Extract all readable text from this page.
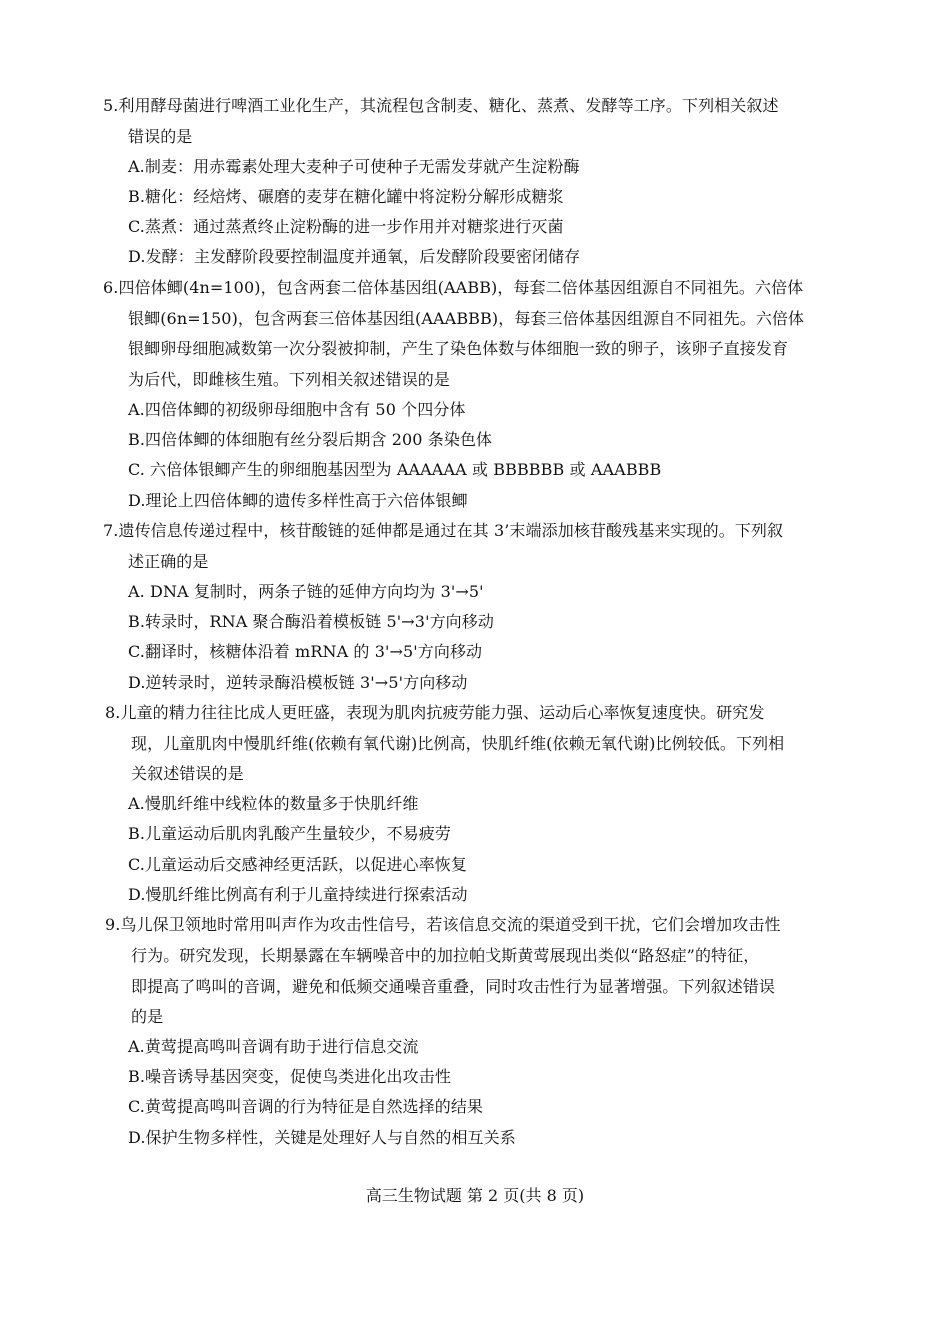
5.利用酵母菌进行啤酒工业化生产，其流程包含制麦、糖化、蒸煮、发酵等工序。下列相关叙述
错误的是
A.制麦：用赤霉素处理大麦种子可使种子无需发芽就产生淀粉酶
B.糖化：经焙烤、碾磨的麦芽在糖化罐中将淀粉分解形成糖浆
C.蒸煮：通过蒸煮终止淀粉酶的进一步作用并对糖浆进行灭菌
D.发酵：主发酵阶段要控制温度并通氧，后发酵阶段要密闭储存
6.四倍体鲫(4n=100)，包含两套二倍体基因组(AABB)，每套二倍体基因组源自不同祖先。六倍体
银鲫(6n=150)，包含两套三倍体基因组(AAABBB)，每套三倍体基因组源自不同祖先。六倍体
银鲫卵母细胞减数第一次分裂被抑制，产生了染色体数与体细胞一致的卵子，该卵子直接发育
为后代，即雌核生殖。下列相关叙述错误的是
A.四倍体鲫的初级卵母细胞中含有 50 个四分体
B.四倍体鲫的体细胞有丝分裂后期含 200 条染色体
C. 六倍体银鲫产生的卵细胞基因型为 AAAAAA 或 BBBBBB 或 AAABBB
D.理论上四倍体鲫的遗传多样性高于六倍体银鲫
7.遗传信息传递过程中，核苷酸链的延伸都是通过在其 3’末端添加核苷酸残基来实现的。下列叙
述正确的是
A. DNA 复制时，两条子链的延伸方向均为 3'→5'
B.转录时，RNA 聚合酶沿着模板链 5'→3'方向移动
C.翻译时，核糖体沿着 mRNA 的 3'→5'方向移动
D.逆转录时，逆转录酶沿模板链 3'→5'方向移动
8.儿童的精力往往比成人更旺盛，表现为肌肉抗疲劳能力强、运动后心率恢复速度快。研究发
现，儿童肌肉中慢肌纤维(依赖有氧代谢)比例高，快肌纤维(依赖无氧代谢)比例较低。下列相
关叙述错误的是
A.慢肌纤维中线粒体的数量多于快肌纤维
B.儿童运动后肌肉乳酸产生量较少，不易疲劳
C.儿童运动后交感神经更活跃，以促进心率恢复
D.慢肌纤维比例高有利于儿童持续进行探索活动
9.鸟儿保卫领地时常用叫声作为攻击性信号，若该信息交流的渠道受到干扰，它们会增加攻击性
行为。研究发现，长期暴露在车辆噪音中的加拉帕戈斯黄莺展现出类似“路怒症”的特征，
即提高了鸣叫的音调，避免和低频交通噪音重叠，同时攻击性行为显著增强。下列叙述错误
的是
A.黄莺提高鸣叫音调有助于进行信息交流
B.噪音诱导基因突变，促使鸟类进化出攻击性
C.黄莺提高鸣叫音调的行为特征是自然选择的结果
D.保护生物多样性，关键是处理好人与自然的相互关系
高三生物试题 第 2 页(共 8 页)
